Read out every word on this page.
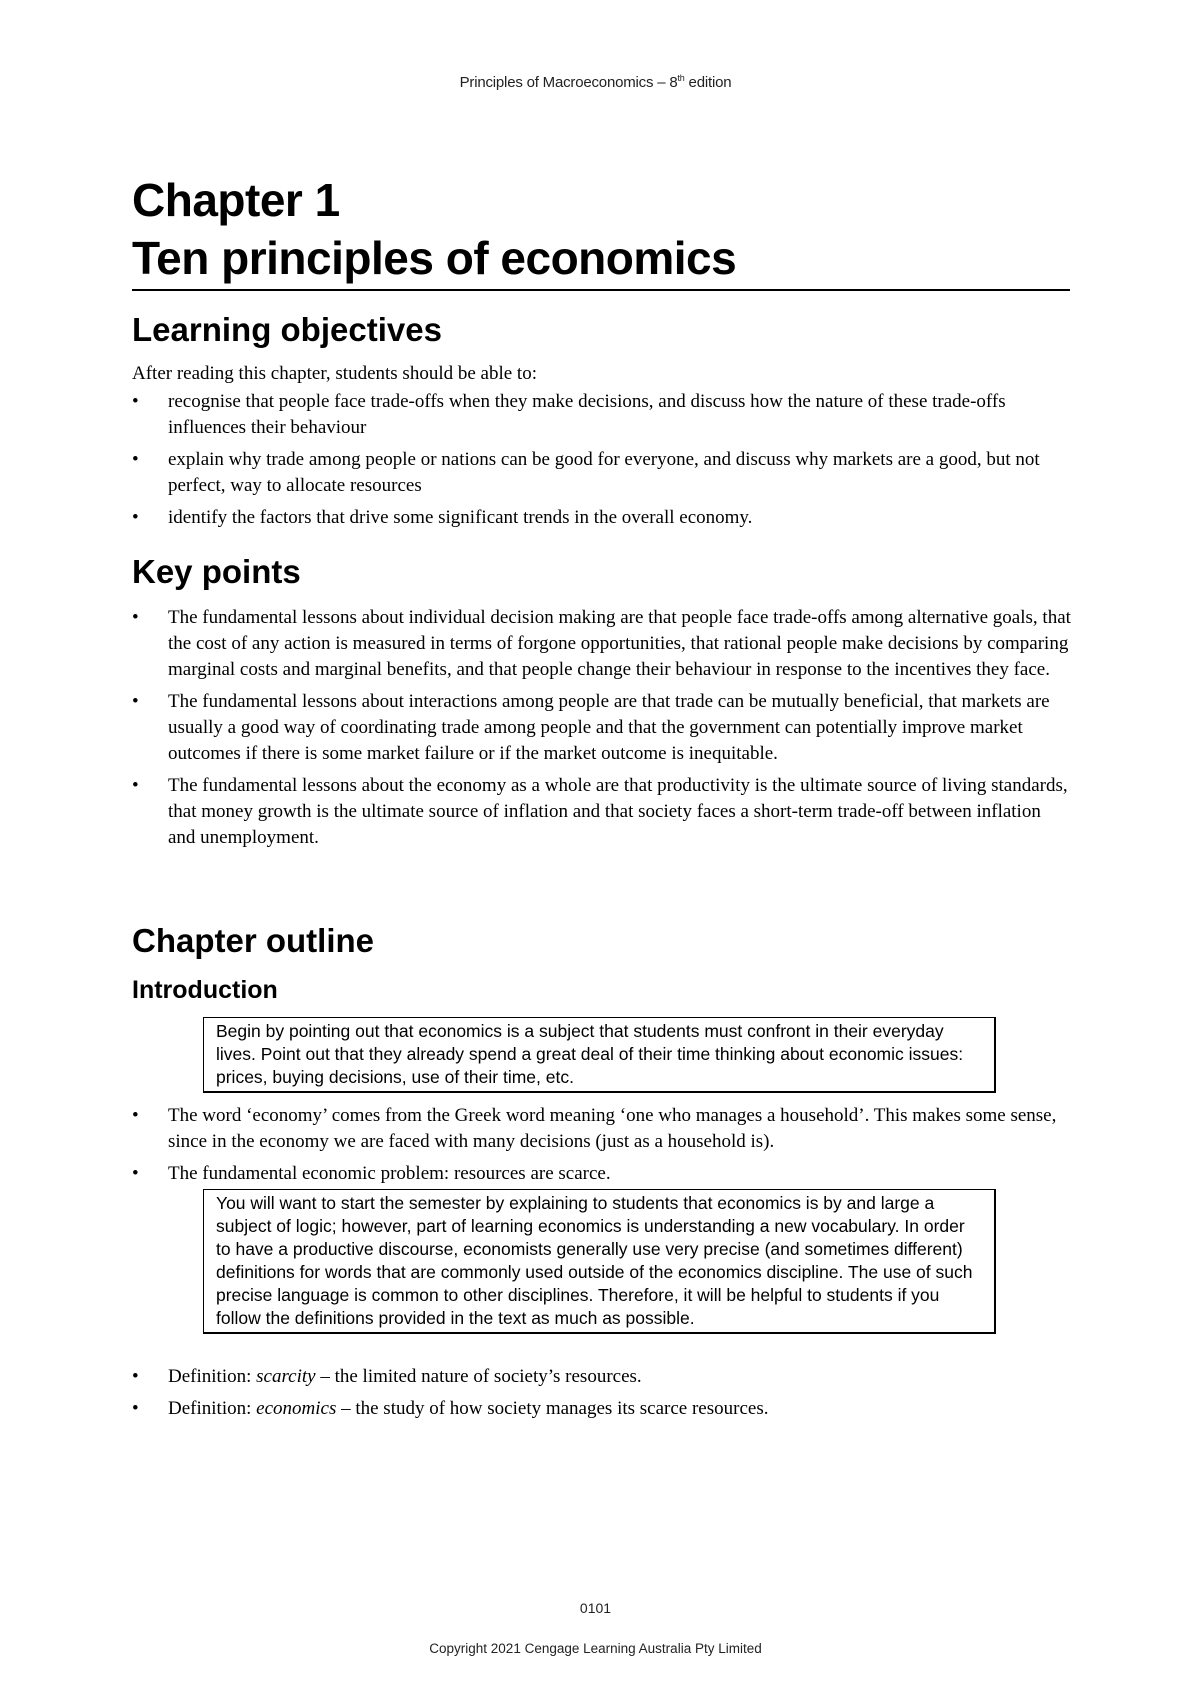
Principles of Macroeconomics – 8th edition
Chapter 1
Ten principles of economics
Learning objectives

After reading this chapter, students should be able to:

• recognise that people face trade-offs when they make decisions, and discuss how the nature of these trade-offs influences their behaviour
• explain why trade among people or nations can be good for everyone, and discuss why markets are a good, but not perfect, way to allocate resources
• identify the factors that drive some significant trends in the overall economy.
Key points
• The fundamental lessons about individual decision making are that people face trade-offs among alternative goals, that the cost of any action is measured in terms of forgone opportunities, that rational people make decisions by comparing marginal costs and marginal benefits, and that people change their behaviour in response to the incentives they face.
• The fundamental lessons about interactions among people are that trade can be mutually beneficial, that markets are usually a good way of coordinating trade among people and that the government can potentially improve market outcomes if there is some market failure or if the market outcome is inequitable.
• The fundamental lessons about the economy as a whole are that productivity is the ultimate source of living standards, that money growth is the ultimate source of inflation and that society faces a short-term trade-off between inflation and unemployment.
Chapter outline
Introduction
Begin by pointing out that economics is a subject that students must confront in their everyday lives. Point out that they already spend a great deal of their time thinking about economic issues: prices, buying decisions, use of their time, etc.
• The word ‘economy’ comes from the Greek word meaning ‘one who manages a household’. This makes some sense, since in the economy we are faced with many decisions (just as a household is).
• The fundamental economic problem: resources are scarce.
You will want to start the semester by explaining to students that economics is by and large a subject of logic; however, part of learning economics is understanding a new vocabulary. In order to have a productive discourse, economists generally use very precise (and sometimes different) definitions for words that are commonly used outside of the economics discipline. The use of such precise language is common to other disciplines. Therefore, it will be helpful to students if you follow the definitions provided in the text as much as possible.
• Definition: scarcity – the limited nature of society’s resources.
• Definition: economics – the study of how society manages its scarce resources.
0101
Copyright 2021 Cengage Learning Australia Pty Limited
